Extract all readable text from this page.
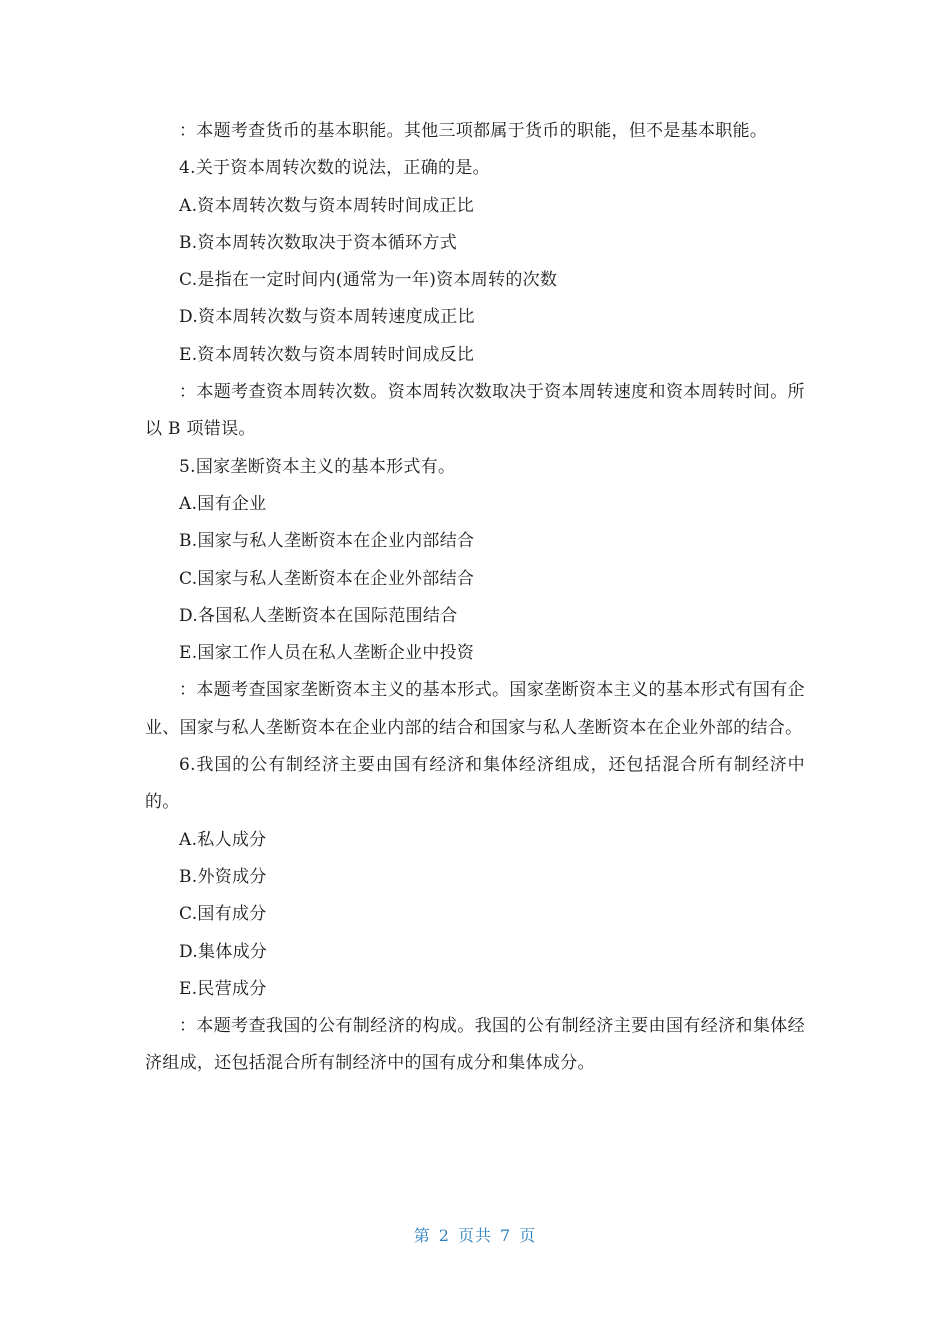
：本题考查货币的基本职能。其他三项都属于货币的职能，但不是基本职能。

4.关于资本周转次数的说法，正确的是。

A.资本周转次数与资本周转时间成正比

B.资本周转次数取决于资本循环方式

C.是指在一定时间内(通常为一年)资本周转的次数

D.资本周转次数与资本周转速度成正比

E.资本周转次数与资本周转时间成反比

：本题考查资本周转次数。资本周转次数取决于资本周转速度和资本周转时间。所以 B 项错误。

5.国家垄断资本主义的基本形式有。

A.国有企业

B.国家与私人垄断资本在企业内部结合

C.国家与私人垄断资本在企业外部结合

D.各国私人垄断资本在国际范围结合

E.国家工作人员在私人垄断企业中投资

：本题考查国家垄断资本主义的基本形式。国家垄断资本主义的基本形式有国有企业、国家与私人垄断资本在企业内部的结合和国家与私人垄断资本在企业外部的结合。

6.我国的公有制经济主要由国有经济和集体经济组成，还包括混合所有制经济中的。

A.私人成分

B.外资成分

C.国有成分

D.集体成分

E.民营成分

：本题考查我国的公有制经济的构成。我国的公有制经济主要由国有经济和集体经济组成，还包括混合所有制经济中的国有成分和集体成分。

第 2 页共 7 页
